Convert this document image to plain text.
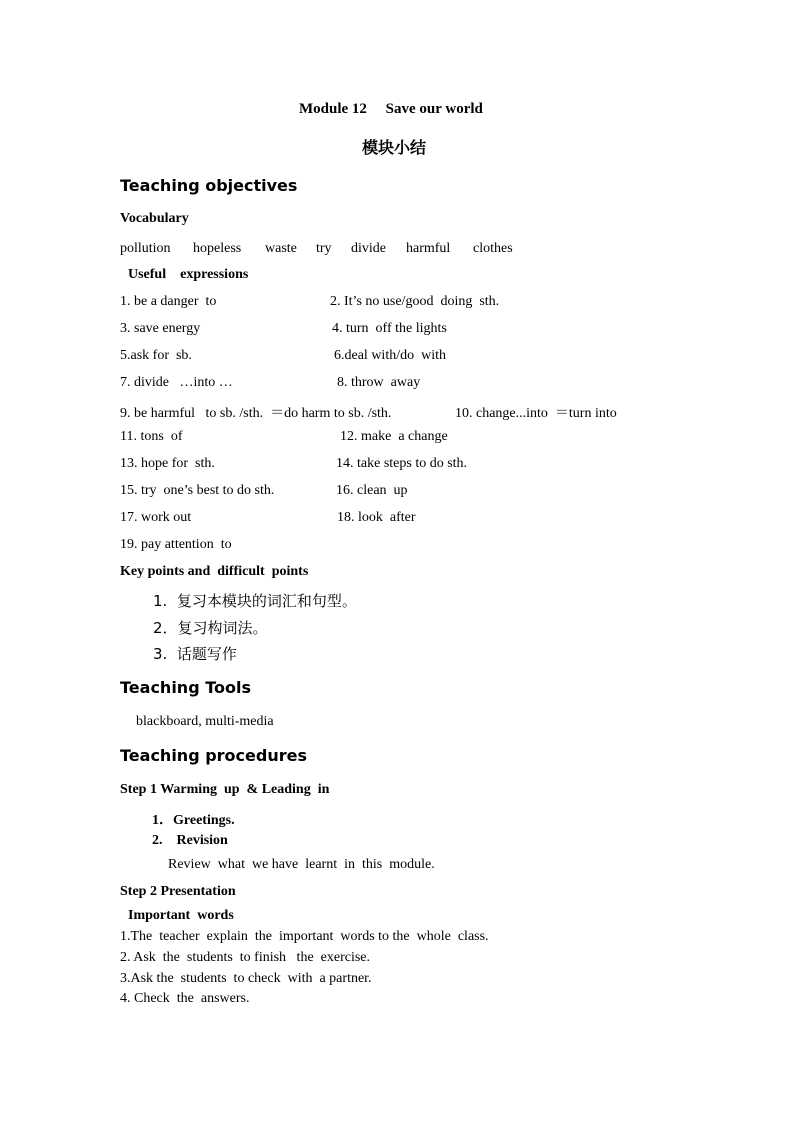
Module 12     Save our world
模块小结
Teaching objectives
Vocabulary
pollution hopeless waste try divide harmful clothes
Useful    expressions
1. be a danger  to	2. It’s no use/good  doing  sth.
3. save energy	4. turn  off the lights
5.ask for  sb.	6.deal with/do  with
7. divide   …into …	8. throw  away
9. be harmful   to sb. /sth.  ＝do harm to sb. /sth.	10. change...into  ＝turn into
11. tons  of	12. make  a change
13. hope for  sth.	14. take steps to do sth.
15. try  one’s best to do sth.	16. clean  up
17. work out	18. look  after
19. pay attention  to
Key points and  difficult  points
1.  复习本模块的词汇和句型。
2．复习构词法。
3.  话题写作
Teaching Tools
blackboard, multi-media
Teaching procedures
Step 1 Warming  up  & Leading  in
1．Greetings.
2.    Revision
Review  what  we have  learnt  in  this  module.
Step 2 Presentation
Important  words
1.The  teacher  explain  the  important  words to the  whole  class.
2. Ask  the  students  to finish   the  exercise.
3.Ask the  students  to check  with  a partner.
4. Check  the  answers.
